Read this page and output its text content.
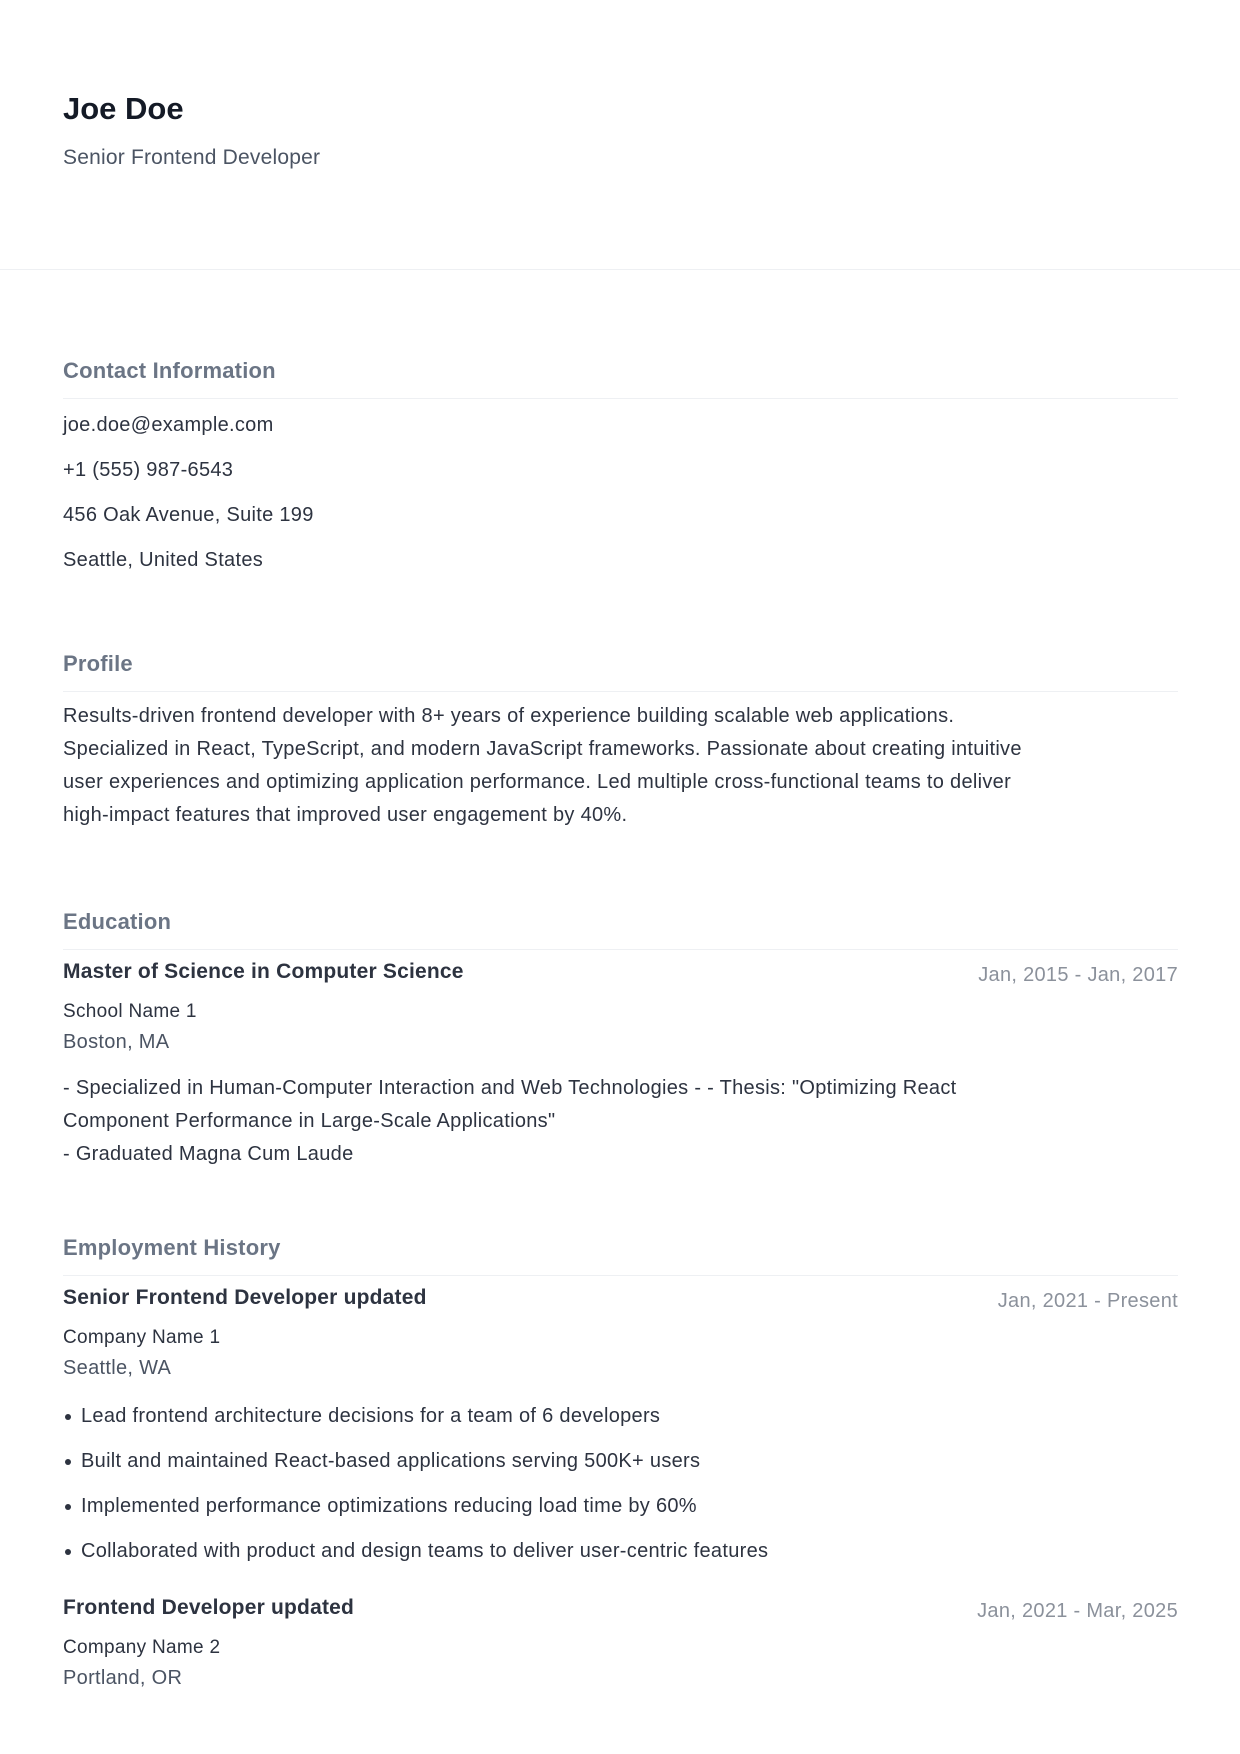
Joe Doe
Senior Frontend Developer
Contact Information
joe.doe@example.com
+1 (555) 987-6543
456 Oak Avenue, Suite 199
Seattle, United States
Profile
Results-driven frontend developer with 8+ years of experience building scalable web applications.
Specialized in React, TypeScript, and modern JavaScript frameworks. Passionate about creating intuitive
user experiences and optimizing application performance. Led multiple cross-functional teams to deliver
high-impact features that improved user engagement by 40%.
Education
Master of Science in Computer Science	Jan, 2015 - Jan, 2017
School Name 1
Boston, MA
- Specialized in Human-Computer Interaction and Web Technologies - - Thesis: "Optimizing React
Component Performance in Large-Scale Applications"
- Graduated Magna Cum Laude
Employment History
Senior Frontend Developer updated	Jan, 2021 - Present
Company Name 1
Seattle, WA
Lead frontend architecture decisions for a team of 6 developers
Built and maintained React-based applications serving 500K+ users
Implemented performance optimizations reducing load time by 60%
Collaborated with product and design teams to deliver user-centric features
Frontend Developer updated	Jan, 2021 - Mar, 2025
Company Name 2
Portland, OR
